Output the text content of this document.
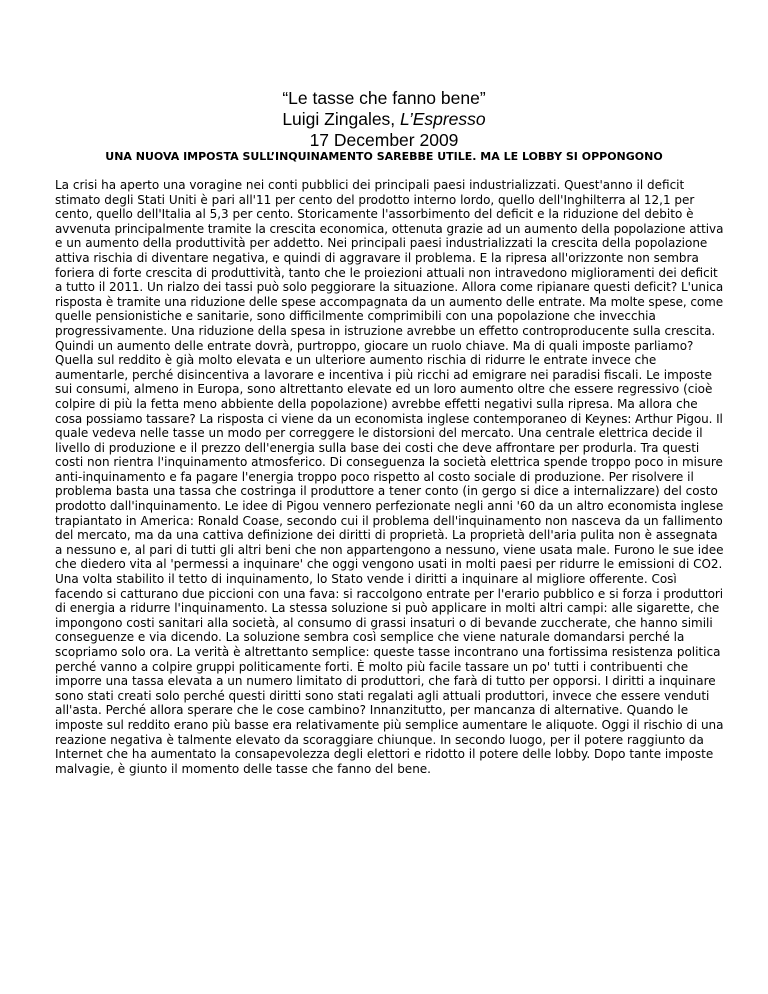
“Le tasse che fanno bene”
Luigi Zingales, L’Espresso
17 December 2009
UNA NUOVA IMPOSTA SULL’INQUINAMENTO SAREBBE UTILE. MA LE LOBBY SI OPPONGONO
La crisi ha aperto una voragine nei conti pubblici dei principali paesi industrializzati. Quest'anno il deficit
stimato degli Stati Uniti è pari all'11 per cento del prodotto interno lordo, quello dell'Inghilterra al 12,1 per
cento, quello dell'Italia al 5,3 per cento. Storicamente l'assorbimento del deficit e la riduzione del debito è
avvenuta principalmente tramite la crescita economica, ottenuta grazie ad un aumento della popolazione attiva
e un aumento della produttività per addetto. Nei principali paesi industrializzati la crescita della popolazione
attiva rischia di diventare negativa, e quindi di aggravare il problema. E la ripresa all'orizzonte non sembra
foriera di forte crescita di produttività, tanto che le proiezioni attuali non intravedono miglioramenti dei deficit
a tutto il 2011. Un rialzo dei tassi può solo peggiorare la situazione. Allora come ripianare questi deficit? L'unica
risposta è tramite una riduzione delle spese accompagnata da un aumento delle entrate. Ma molte spese, come
quelle pensionistiche e sanitarie, sono difficilmente comprimibili con una popolazione che invecchia
progressivamente. Una riduzione della spesa in istruzione avrebbe un effetto controproducente sulla crescita.
Quindi un aumento delle entrate dovrà, purtroppo, giocare un ruolo chiave. Ma di quali imposte parliamo?
Quella sul reddito è già molto elevata e un ulteriore aumento rischia di ridurre le entrate invece che
aumentarle, perché disincentiva a lavorare e incentiva i più ricchi ad emigrare nei paradisi fiscali. Le imposte
sui consumi, almeno in Europa, sono altrettanto elevate ed un loro aumento oltre che essere regressivo (cioè
colpire di più la fetta meno abbiente della popolazione) avrebbe effetti negativi sulla ripresa. Ma allora che
cosa possiamo tassare? La risposta ci viene da un economista inglese contemporaneo di Keynes: Arthur Pigou. Il
quale vedeva nelle tasse un modo per correggere le distorsioni del mercato. Una centrale elettrica decide il
livello di produzione e il prezzo dell'energia sulla base dei costi che deve affrontare per produrla. Tra questi
costi non rientra l'inquinamento atmosferico. Di conseguenza la società elettrica spende troppo poco in misure
anti-inquinamento e fa pagare l'energia troppo poco rispetto al costo sociale di produzione. Per risolvere il
problema basta una tassa che costringa il produttore a tener conto (in gergo si dice a internalizzare) del costo
prodotto dall'inquinamento. Le idee di Pigou vennero perfezionate negli anni '60 da un altro economista inglese
trapiantato in America: Ronald Coase, secondo cui il problema dell'inquinamento non nasceva da un fallimento
del mercato, ma da una cattiva definizione dei diritti di proprietà. La proprietà dell'aria pulita non è assegnata
a nessuno e, al pari di tutti gli altri beni che non appartengono a nessuno, viene usata male. Furono le sue idee
che diedero vita al 'permessi a inquinare' che oggi vengono usati in molti paesi per ridurre le emissioni di CO2.
Una volta stabilito il tetto di inquinamento, lo Stato vende i diritti a inquinare al migliore offerente. Così
facendo si catturano due piccioni con una fava: si raccolgono entrate per l'erario pubblico e si forza i produttori
di energia a ridurre l'inquinamento. La stessa soluzione si può applicare in molti altri campi: alle sigarette, che
impongono costi sanitari alla società, al consumo di grassi insaturi o di bevande zuccherate, che hanno simili
conseguenze e via dicendo. La soluzione sembra così semplice che viene naturale domandarsi perché la
scopriamo solo ora. La verità è altrettanto semplice: queste tasse incontrano una fortissima resistenza politica
perché vanno a colpire gruppi politicamente forti. È molto più facile tassare un po' tutti i contribuenti che
imporre una tassa elevata a un numero limitato di produttori, che farà di tutto per opporsi. I diritti a inquinare
sono stati creati solo perché questi diritti sono stati regalati agli attuali produttori, invece che essere venduti
all'asta. Perché allora sperare che le cose cambino? Innanzitutto, per mancanza di alternative. Quando le
imposte sul reddito erano più basse era relativamente più semplice aumentare le aliquote. Oggi il rischio di una
reazione negativa è talmente elevato da scoraggiare chiunque. In secondo luogo, per il potere raggiunto da
Internet che ha aumentato la consapevolezza degli elettori e ridotto il potere delle lobby. Dopo tante imposte
malvagie, è giunto il momento delle tasse che fanno del bene.
